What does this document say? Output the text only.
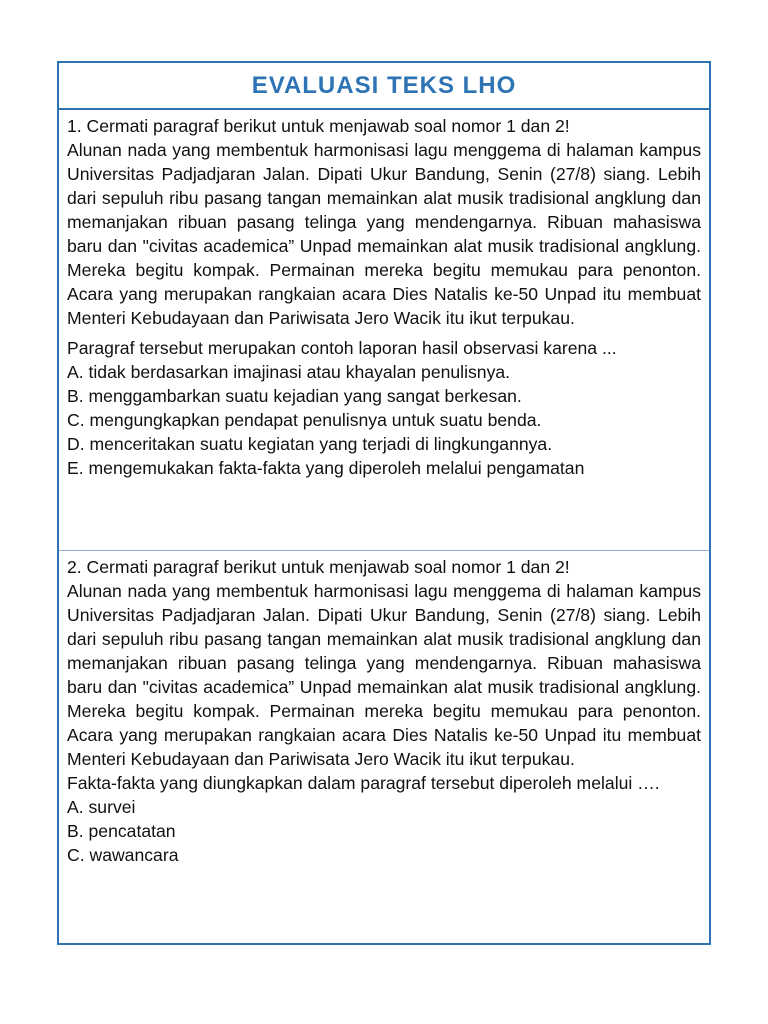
EVALUASI TEKS LHO
1. Cermati paragraf berikut untuk menjawab soal nomor 1 dan 2!

Alunan nada yang membentuk harmonisasi lagu menggema di halaman kampus Universitas Padjadjaran Jalan. Dipati Ukur Bandung, Senin (27/8) siang. Lebih dari sepuluh ribu pasang tangan memainkan alat musik tradisional angklung dan memanjakan ribuan pasang telinga yang mendengarnya. Ribuan mahasiswa baru dan "civitas academica” Unpad memainkan alat musik tradisional angklung. Mereka begitu kompak. Permainan mereka begitu memukau para penonton. Acara yang merupakan rangkaian acara Dies Natalis ke-50 Unpad itu membuat Menteri Kebudayaan dan Pariwisata Jero Wacik itu ikut terpukau.

Paragraf tersebut merupakan contoh laporan hasil observasi karena ...

A. tidak berdasarkan imajinasi atau khayalan penulisnya.
B. menggambarkan suatu kejadian yang sangat berkesan.
C. mengungkapkan pendapat penulisnya untuk suatu benda.
D. menceritakan suatu kegiatan yang terjadi di lingkungannya.
E. mengemukakan fakta-fakta yang diperoleh melalui pengamatan
2. Cermati paragraf berikut untuk menjawab soal nomor 1 dan 2!

Alunan nada yang membentuk harmonisasi lagu menggema di halaman kampus Universitas Padjadjaran Jalan. Dipati Ukur Bandung, Senin (27/8) siang. Lebih dari sepuluh ribu pasang tangan memainkan alat musik tradisional angklung dan memanjakan ribuan pasang telinga yang mendengarnya. Ribuan mahasiswa baru dan "civitas academica” Unpad memainkan alat musik tradisional angklung. Mereka begitu kompak. Permainan mereka begitu memukau para penonton. Acara yang merupakan rangkaian acara Dies Natalis ke-50 Unpad itu membuat Menteri Kebudayaan dan Pariwisata Jero Wacik itu ikut terpukau.

Fakta-fakta yang diungkapkan dalam paragraf tersebut diperoleh melalui ….

A. survei
B. pencatatan
C. wawancara
